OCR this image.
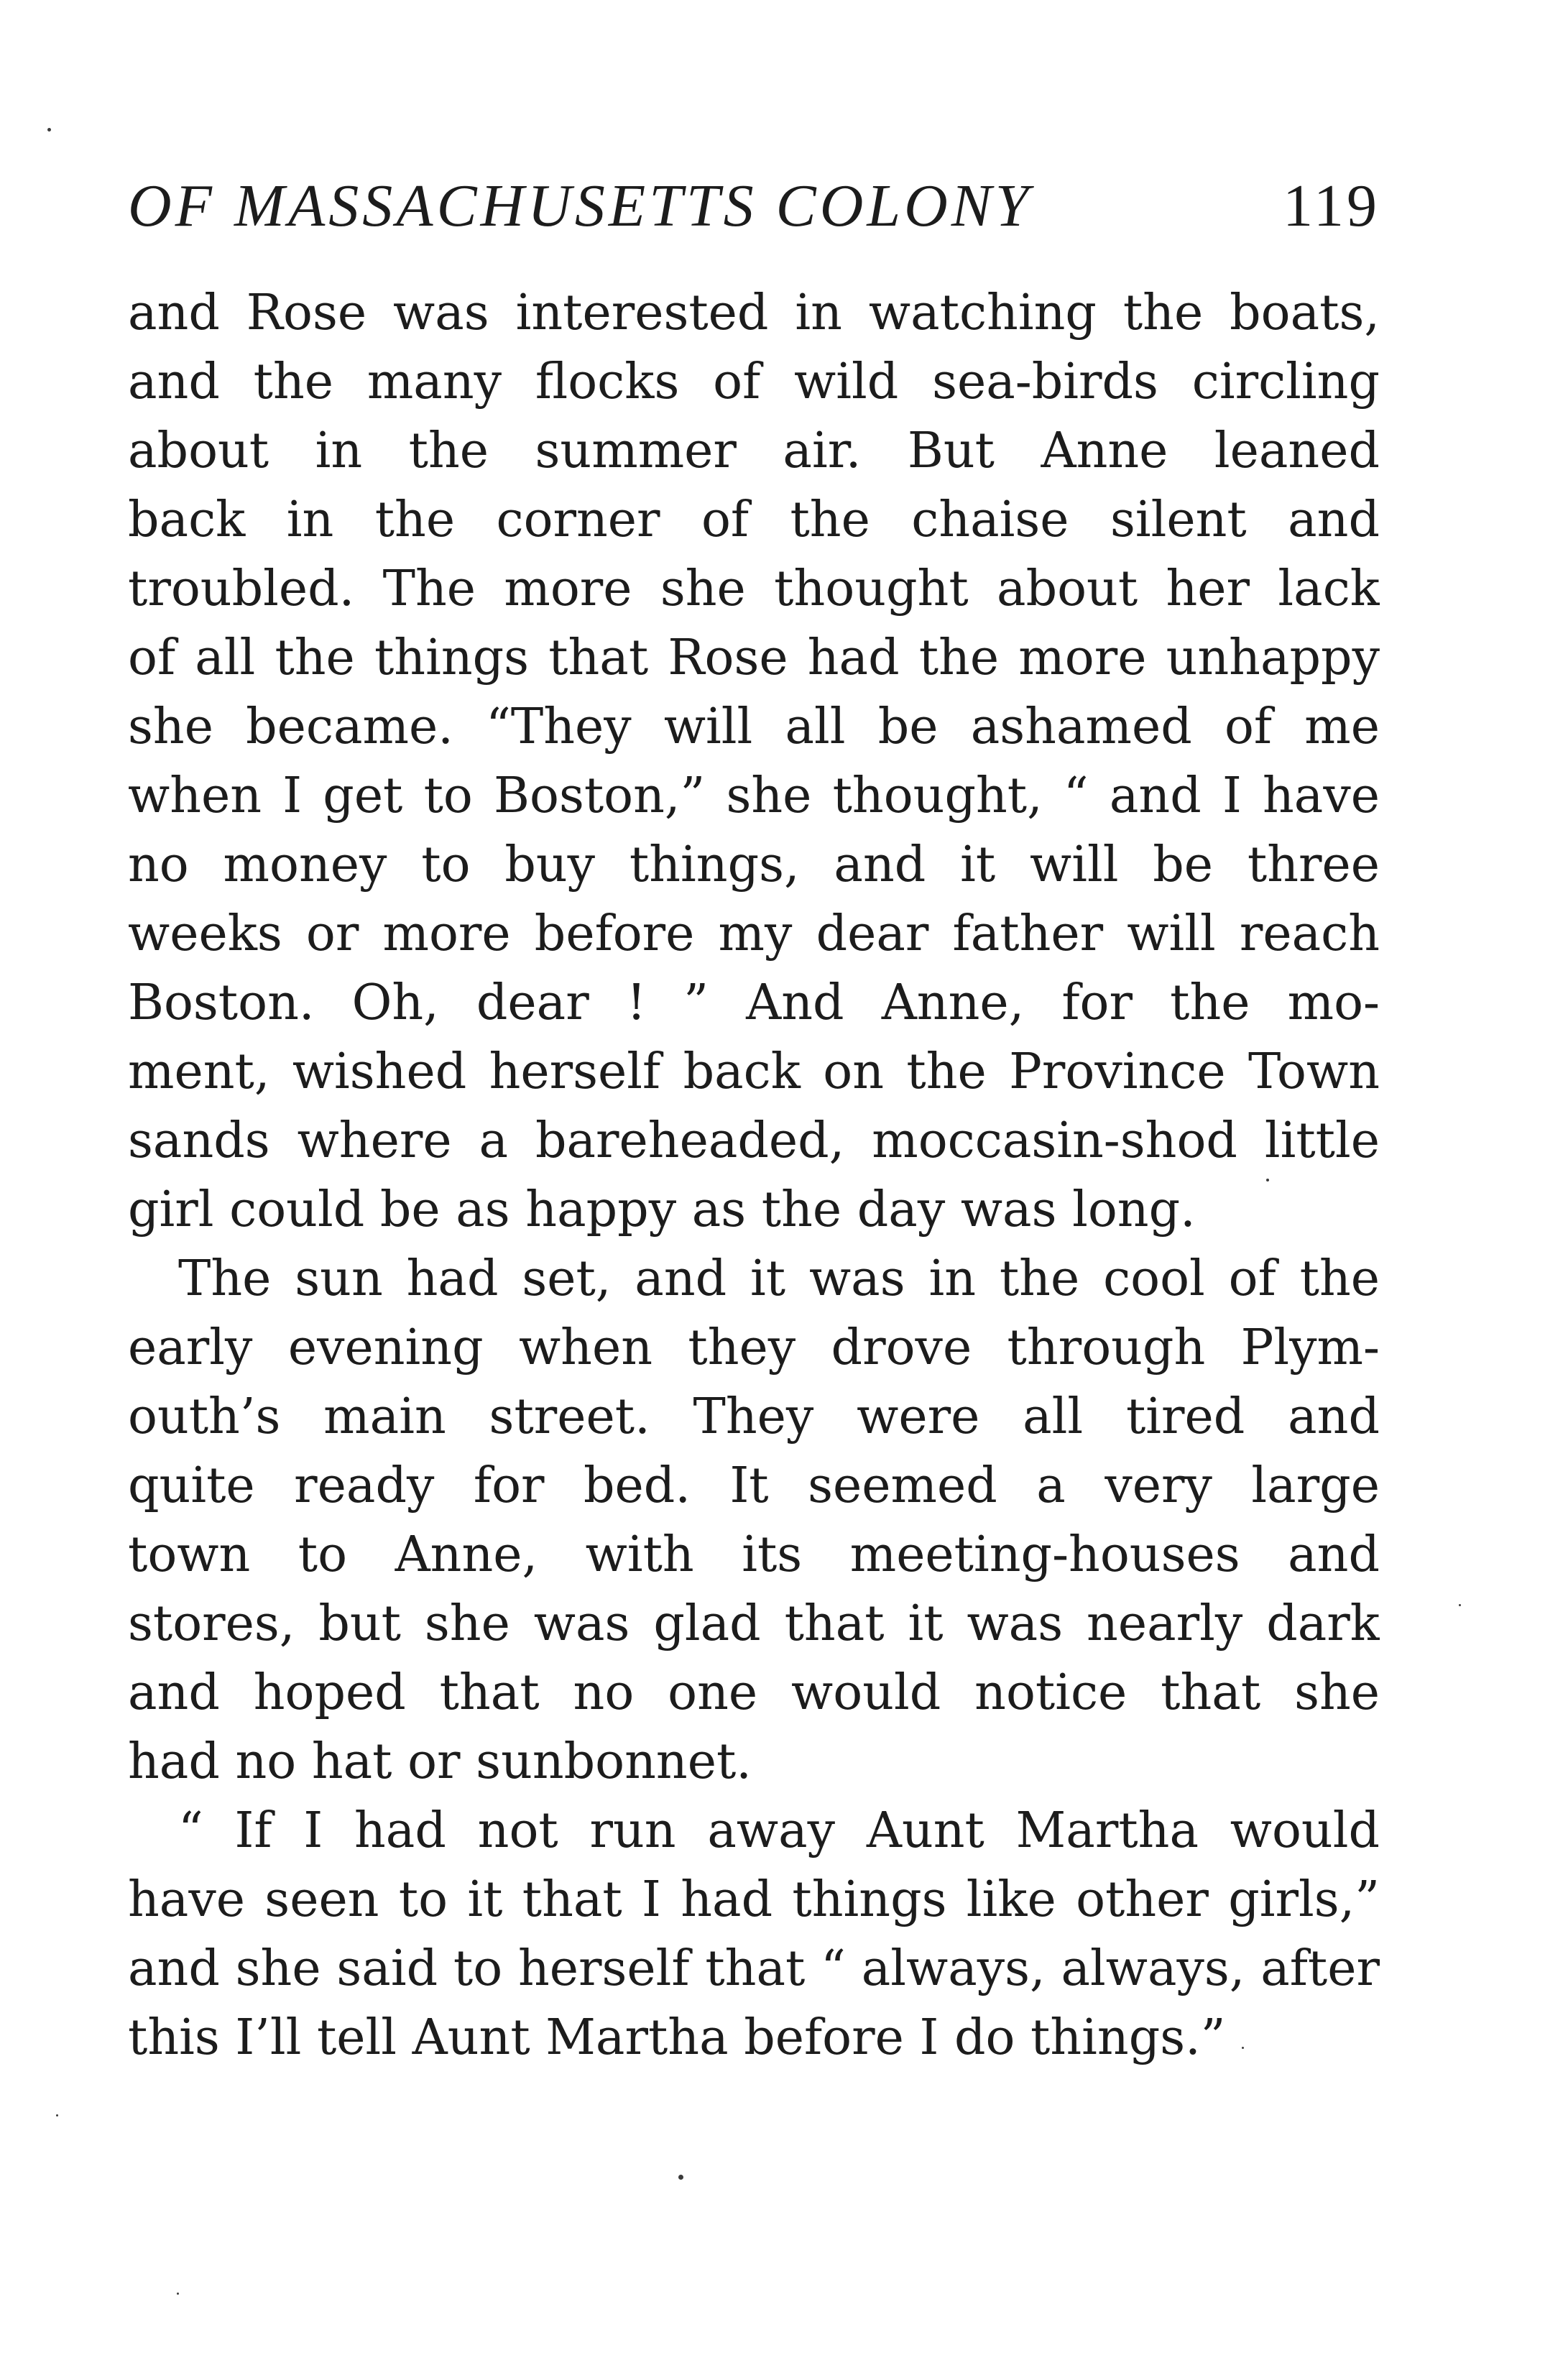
OF MASSACHUSETTS COLONY	119
and Rose was interested in watching the boats,
and the many flocks of wild sea-birds circling
about in the summer air. But Anne leaned
back in the corner of the chaise silent and
troubled. The more she thought about her lack
of all the things that Rose had the more unhappy
she became. “They will all be ashamed of me
when I get to Boston,” she thought, “ and I have
no money to buy things, and it will be three
weeks or more before my dear father will reach
Boston. Oh, dear ! ” And Anne, for the mo-
ment, wished herself back on the Province Town
sands where a bareheaded, moccasin-shod little
girl could be as happy as the day was long.
The sun had set, and it was in the cool of the
early evening when they drove through Plym-
outh’s main street. They were all tired and
quite ready for bed. It seemed a very large
town to Anne, with its meeting-houses and
stores, but she was glad that it was nearly dark
and hoped that no one would notice that she
had no hat or sunbonnet.
“ If I had not run away Aunt Martha would
have seen to it that I had things like other girls,”
and she said to herself that “ always, always, after
this I’ll tell Aunt Martha before I do things.”
